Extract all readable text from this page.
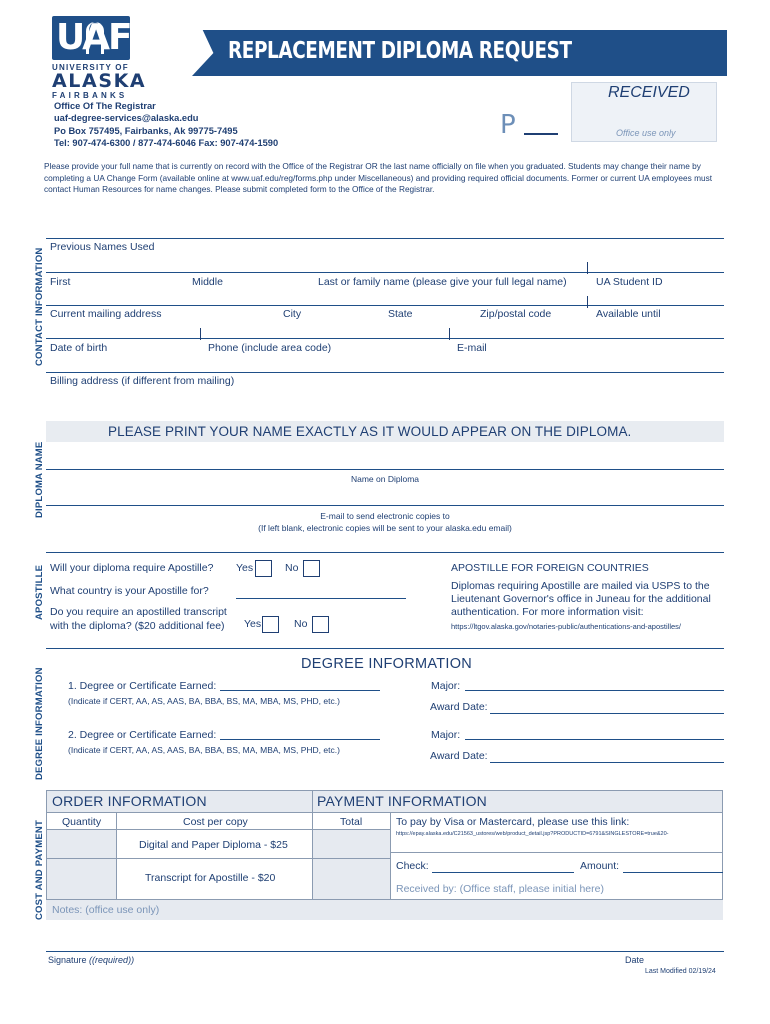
UAF
UNIVERSITY OF
ALASKA
FAIRBANKS
REPLACEMENT DIPLOMA REQUEST
Office Of The Registrar
uaf-degree-services@alaska.edu
Po Box 757495, Fairbanks, Ak 99775-7495
Tel: 907-474-6300 / 877-474-6046 Fax: 907-474-1590
P
RECEIVED
Office use only
Please provide your full name that is currently on record with the Office of the Registrar OR the last name officially on file when you graduated. Students may change their name by completing a UA Change Form (available online at www.uaf.edu/reg/forms.php under Miscellaneous) and providing required official documents. Former or current UA employees must contact Human Resources for name changes. Please submit completed form to the Office of the Registrar.
CONTACT INFORMATION
DIPLOMA NAME
APOSTILLE
DEGREE INFORMATION
COST AND PAYMENT
Previous Names Used
First	Middle	Last or family name (please give your full legal name)	UA Student ID
Current mailing address	City	State	Zip/postal code	Available until
Date of birth	Phone (include area code)	E-mail
Billing address (if different from mailing)
PLEASE PRINT YOUR NAME EXACTLY AS IT WOULD APPEAR ON THE DIPLOMA.
Name on Diploma
E-mail to send electronic copies to
(If left blank, electronic copies will be sent to your alaska.edu email)
Will your diploma require Apostille? Yes	No
What country is your Apostille for?
Do you require an apostilled transcript
with the diploma? ($20 additional fee) Yes	No
APOSTILLE FOR FOREIGN COUNTRIES
Diplomas requiring Apostille are mailed via USPS to the Lieutenant Governor's office in Juneau for the additional authentication. For more information visit:
https://ltgov.alaska.gov/notaries-public/authentications-and-apostilles/
DEGREE INFORMATION
1. Degree or Certificate Earned:
(Indicate if CERT, AA, AS, AAS, BA, BBA, BS, MA, MBA, MS, PHD, etc.)
Major:
Award Date:
2. Degree or Certificate Earned:
(Indicate if CERT, AA, AS, AAS, BA, BBA, BS, MA, MBA, MS, PHD, etc.)
Major:
Award Date:
ORDER INFORMATION	PAYMENT INFORMATION
Quantity	Cost per copy	Total
Digital and Paper Diploma - $25
Transcript for Apostille - $20
To pay by Visa or Mastercard, please use this link:
https://epay.alaska.edu/C21563_ustores/web/product_detail.jsp?PRODUCTID=6791&SINGLESTORE=true&20-
Check:	Amount:
Received by: (Office staff, please initial here)
Notes: (office use only)
Signature ((required))	Date
Last Modified 02/19/24
